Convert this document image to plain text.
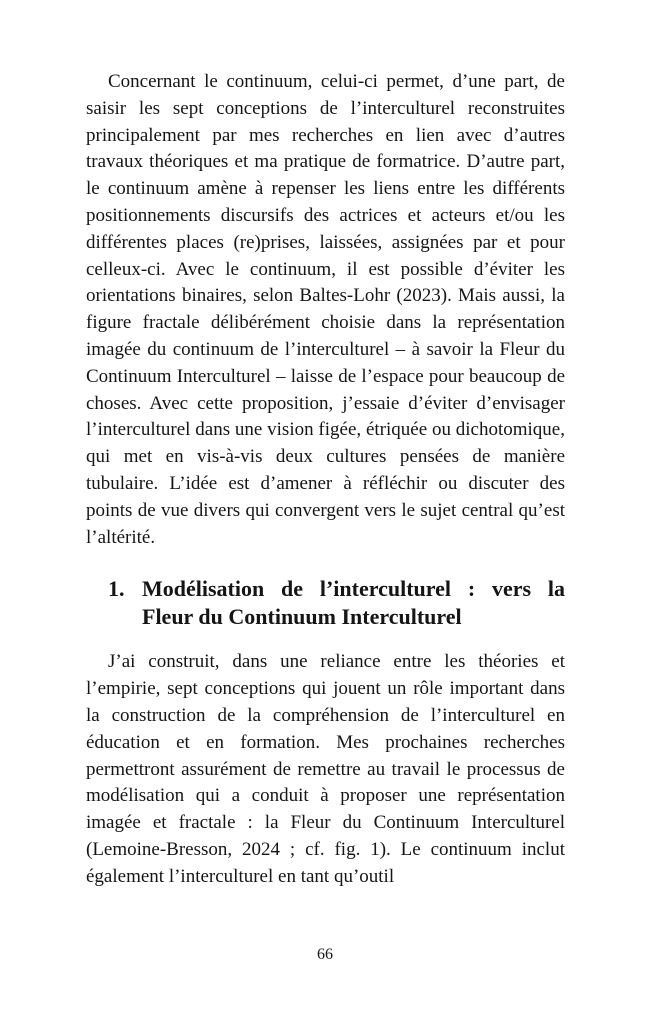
Concernant le continuum, celui-ci permet, d’une part, de saisir les sept conceptions de l’interculturel reconstruites principalement par mes recherches en lien avec d’autres travaux théoriques et ma pratique de formatrice. D’autre part, le continuum amène à repenser les liens entre les différents positionnements discursifs des actrices et acteurs et/ou les différentes places (re)prises, laissées, assignées par et pour celleux-ci. Avec le continuum, il est possible d’éviter les orientations binaires, selon Baltes-Lohr (2023). Mais aussi, la figure fractale délibérément choisie dans la représentation imagée du continuum de l’interculturel – à savoir la Fleur du Continuum Interculturel – laisse de l’espace pour beaucoup de choses. Avec cette proposition, j’essaie d’éviter d’envisager l’interculturel dans une vision figée, étriquée ou dichotomique, qui met en vis-à-vis deux cultures pensées de manière tubulaire. L’idée est d’amener à réfléchir ou discuter des points de vue divers qui convergent vers le sujet central qu’est l’altérité.

1. Modélisation de l’interculturel : vers la Fleur du Continuum Interculturel

J’ai construit, dans une reliance entre les théories et l’empirie, sept conceptions qui jouent un rôle important dans la construction de la compréhension de l’interculturel en éducation et en formation. Mes prochaines recherches permettront assurément de remettre au travail le processus de modélisation qui a conduit à proposer une représentation imagée et fractale : la Fleur du Continuum Interculturel (Lemoine-Bresson, 2024 ; cf. fig. 1). Le continuum inclut également l’interculturel en tant qu’outil

66
